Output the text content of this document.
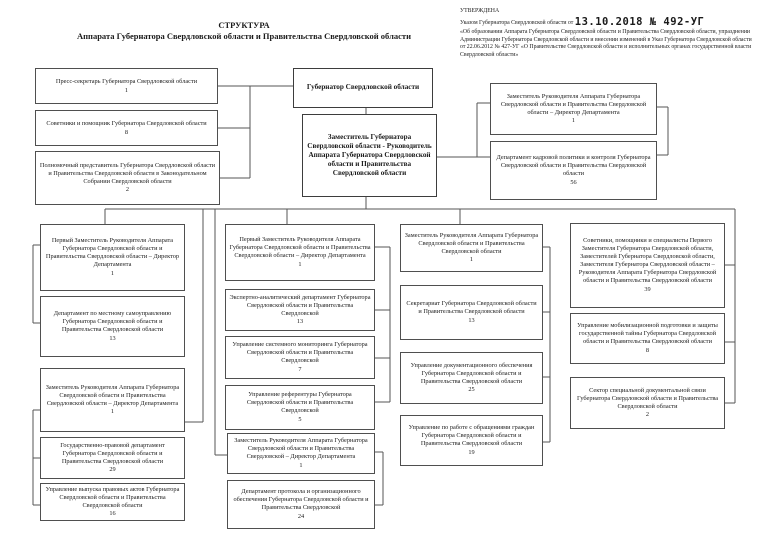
СТРУКТУРА
Аппарата Губернатора Свердловской области и Правительства Свердловской области
УТВЕРЖДЕНА
Указом Губернатора Свердловской области от 13.10.2018 № 492-УГ
«Об образовании Аппарата Губернатора Свердловской области и Правительства Свердловской области, упразднении Администрации Губернатора Свердловской области и внесении изменений в Указ Губернатора Свердловской области от 22.06.2012 № 427-УГ «О Правительстве Свердловской области и исполнительных органах государственной власти Свердловской области»
Пресс-секретарь Губернатора Свердловской области
1
Советники и помощник Губернатора Свердловской области
8
Полномочный представитель Губернатора Свердловской области и Правительства Свердловской области в Законодательном Собрании Свердловской области
2
Губернатор Свердловской области
Заместитель Губернатора Свердловской области - Руководитель Аппарата Губернатора Свердловской области и Правительства Свердловской области
Заместитель Руководителя Аппарата Губернатора Свердловской области и Правительства Свердловской области – Директор Департамента
1
Департамент кадровой политики и контроля Губернатора Свердловской области и Правительства Свердловской области
56
Первый Заместитель Руководителя Аппарата Губернатора Свердловской области и Правительства Свердловской области – Директор Департамента
1
Департамент по местному самоуправлению Губернатора Свердловской области и Правительства Свердловской области
13
Заместитель Руководителя Аппарата Губернатора Свердловской области и Правительства Свердловской области – Директор Департамента
1
Государственно-правовой департамент Губернатора Свердловской области и Правительства Свердловской области
29
Управление выпуска правовых актов Губернатора Свердловской области и Правительства Свердловской области
16
Первый Заместитель Руководителя Аппарата Губернатора Свердловской области и Правительства Свердловской области – Директор Департамента
1
Экспертно-аналитический департамент Губернатора Свердловской области и Правительства Свердловской
13
Управление системного мониторинга Губернатора Свердловской области и Правительства Свердловской
7
Управление референтуры Губернатора Свердловской области и Правительства Свердловской
5
Заместитель Руководителя Аппарата Губернатора Свердловской области и Правительства Свердловской – Директор Департамента
1
Департамент протокола и организационного обеспечения Губернатора Свердловской области и Правительства Свердловской
24
Заместитель Руководителя Аппарата Губернатора Свердловской области и Правительства Свердловской области
1
Секретариат Губернатора Свердловской области и Правительства Свердловской области
13
Управление документационного обеспечения Губернатора Свердловской области и Правительства Свердловской области
25
Управление по работе с обращениями граждан Губернатора Свердловской области и Правительства Свердловской области
19
Советники, помощники и специалисты Первого Заместителя Губернатора Свердловской области, Заместителей Губернатора Свердловской области, Заместителя Губернатора Свердловской области – Руководителя Аппарата Губернатора Свердловской области и Правительства Свердловской области
39
Управление мобилизационной подготовки и защиты государственной тайны Губернатора Свердловской области и Правительства Свердловской области
8
Сектор специальной документальной связи Губернатора Свердловской области и Правительства Свердловской области
2
